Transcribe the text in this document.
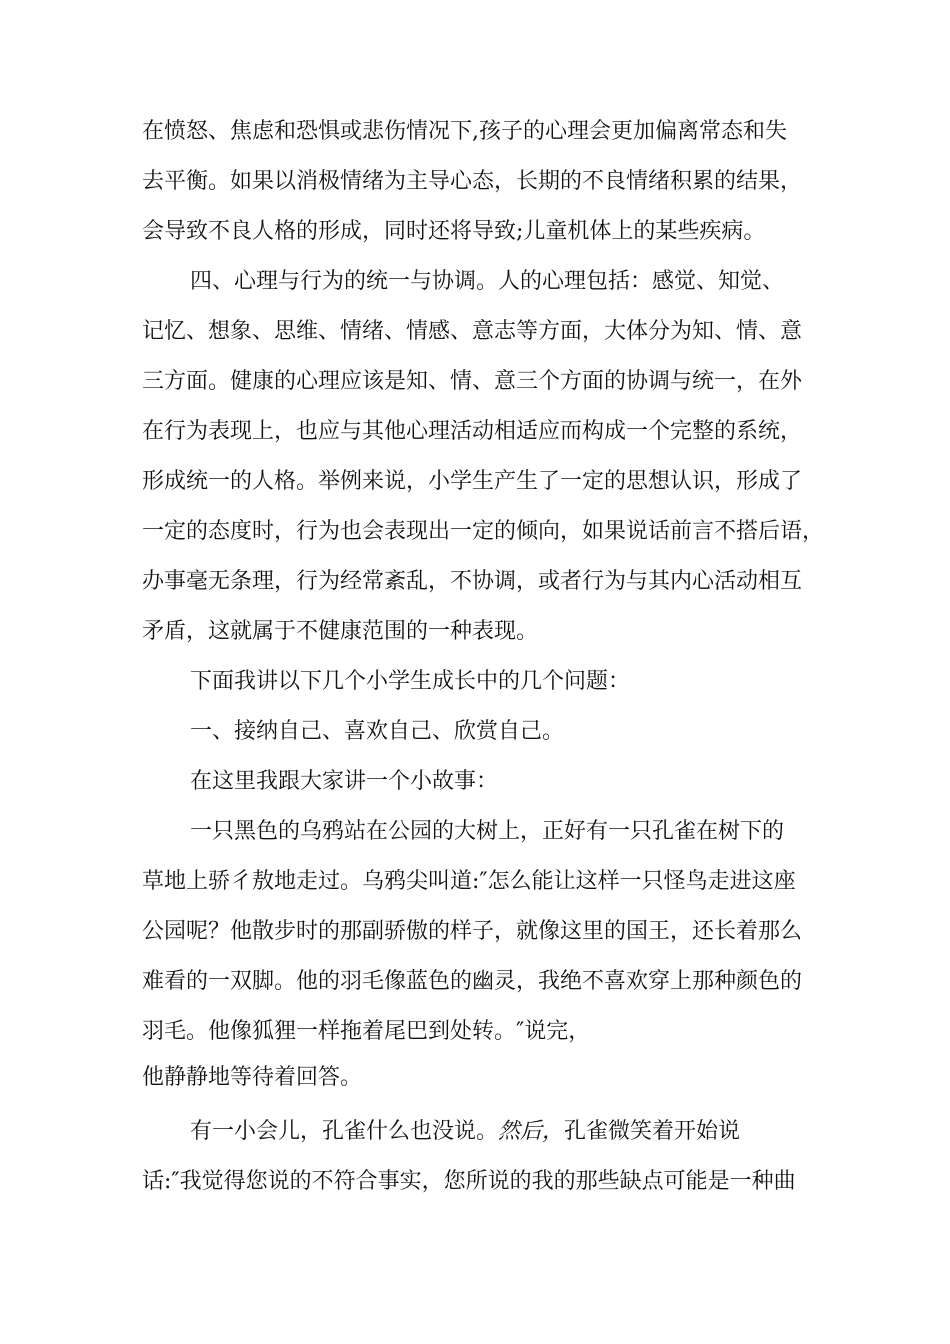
在愤怒、焦虑和恐惧或悲伤情况下,孩子的心理会更加偏离常态和失
去平衡。如果以消极情绪为主导心态，长期的不良情绪积累的结果，
会导致不良人格的形成，同时还将导致;儿童机体上的某些疾病。
四、心理与行为的统一与协调。人的心理包括：感觉、知觉、
记忆、想象、思维、情绪、情感、意志等方面，大体分为知、情、意
三方面。健康的心理应该是知、情、意三个方面的协调与统一，在外
在行为表现上，也应与其他心理活动相适应而构成一个完整的系统，
形成统一的人格。举例来说，小学生产生了一定的思想认识，形成了
一定的态度时，行为也会表现出一定的倾向，如果说话前言不搭后语，
办事毫无条理，行为经常紊乱，不协调，或者行为与其内心活动相互
矛盾，这就属于不健康范围的一种表现。
下面我讲以下几个小学生成长中的几个问题：
一、接纳自己、喜欢自己、欣赏自己。
在这里我跟大家讲一个小故事：
一只黑色的乌鸦站在公园的大树上，正好有一只孔雀在树下的
草地上骄彳敖地走过。乌鸦尖叫道:″怎么能让这样一只怪鸟走进这座
公园呢？他散步时的那副骄傲的样子，就像这里的国王，还长着那么
难看的一双脚。他的羽毛像蓝色的幽灵，我绝不喜欢穿上那种颜色的
羽毛。他像狐狸一样拖着尾巴到处转。″说完，
他静静地等待着回答。
有一小会儿，孔雀什么也没说。然后，孔雀微笑着开始说
话:″我觉得您说的不符合事实，您所说的我的那些缺点可能是一种曲
